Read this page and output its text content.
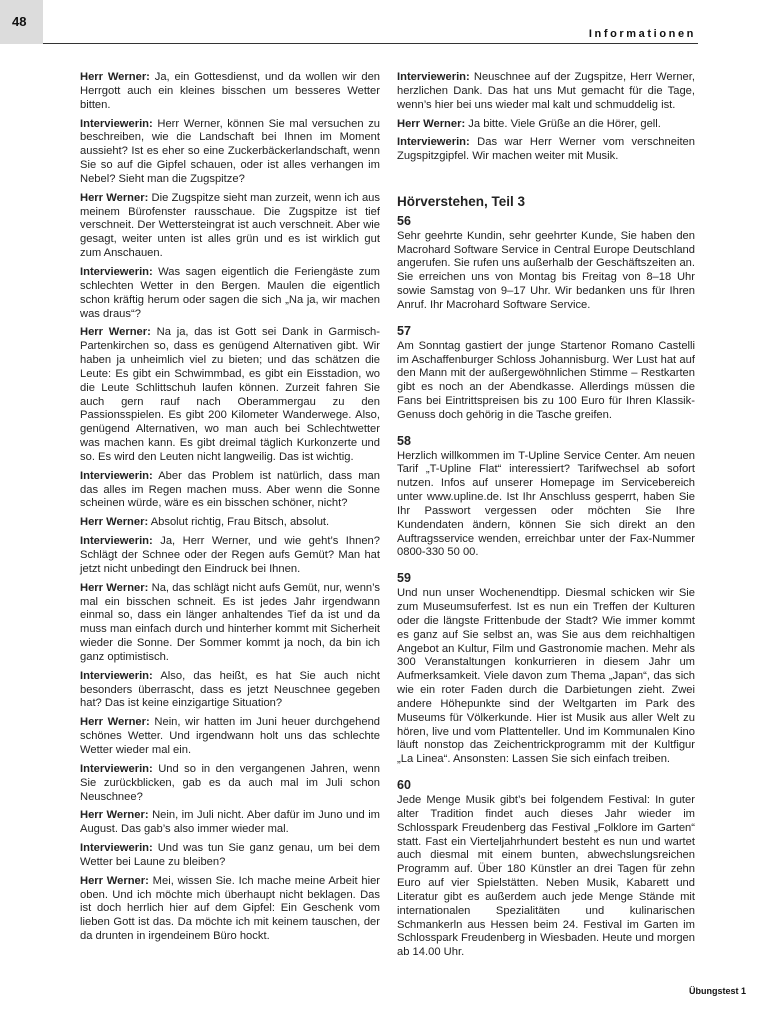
48
Informationen

Herr Werner: Ja, ein Gottesdienst, und da wollen wir den Herrgott auch ein kleines bisschen um besseres Wetter bitten.

Interviewerin: Herr Werner, können Sie mal versuchen zu beschreiben, wie die Landschaft bei Ihnen im Moment aussieht? Ist es eher so eine Zuckerbäckerlandschaft, wenn Sie so auf die Gipfel schauen, oder ist alles verhangen im Nebel? Sieht man die Zugspitze?

Herr Werner: Die Zugspitze sieht man zurzeit, wenn ich aus meinem Bürofenster rausschaue. Die Zugspitze ist tief verschneit. Der Wettersteingrat ist auch verschneit. Aber wie gesagt, weiter unten ist alles grün und es ist wirklich gut zum Anschauen.

Interviewerin: Was sagen eigentlich die Feriengäste zum schlechten Wetter in den Bergen. Maulen die eigentlich schon kräftig herum oder sagen die sich „Na ja, wir machen was draus“?

Herr Werner: Na ja, das ist Gott sei Dank in Garmisch-Partenkirchen so, dass es genügend Alternativen gibt. Wir haben ja unheimlich viel zu bieten; und das schätzen die Leute: Es gibt ein Schwimmbad, es gibt ein Eisstadion, wo die Leute Schlittschuh laufen können. Zurzeit fahren Sie auch gern rauf nach Oberammergau zu den Passionsspielen. Es gibt 200 Kilometer Wanderwege. Also, genügend Alternativen, wo man auch bei Schlechtwetter was machen kann. Es gibt dreimal täglich Kurkonzerte und so. Es wird den Leuten nicht langweilig. Das ist wichtig.

Interviewerin: Aber das Problem ist natürlich, dass man das alles im Regen machen muss. Aber wenn die Sonne scheinen würde, wäre es ein bisschen schöner, nicht?

Herr Werner: Absolut richtig, Frau Bitsch, absolut.

Interviewerin: Ja, Herr Werner, und wie geht’s Ihnen? Schlägt der Schnee oder der Regen aufs Gemüt? Man hat jetzt nicht unbedingt den Eindruck bei Ihnen.

Herr Werner: Na, das schlägt nicht aufs Gemüt, nur, wenn’s mal ein bisschen schneit. Es ist jedes Jahr irgendwann einmal so, dass ein länger anhaltendes Tief da ist und da muss man einfach durch und hinterher kommt mit Sicherheit wieder die Sonne. Der Sommer kommt ja noch, da bin ich ganz optimistisch.

Interviewerin: Also, das heißt, es hat Sie auch nicht besonders überrascht, dass es jetzt Neuschnee gegeben hat? Das ist keine einzigartige Situation?

Herr Werner: Nein, wir hatten im Juni heuer durchgehend schönes Wetter. Und irgendwann holt uns das schlechte Wetter wieder mal ein.

Interviewerin: Und so in den vergangenen Jahren, wenn Sie zurückblicken, gab es da auch mal im Juli schon Neuschnee?

Herr Werner: Nein, im Juli nicht. Aber dafür im Juno und im August. Das gab’s also immer wieder mal.

Interviewerin: Und was tun Sie ganz genau, um bei dem Wetter bei Laune zu bleiben?

Herr Werner: Mei, wissen Sie. Ich mache meine Arbeit hier oben. Und ich möchte mich überhaupt nicht beklagen. Das ist doch herrlich hier auf dem Gipfel: Ein Geschenk vom lieben Gott ist das. Da möchte ich mit keinem tauschen, der da drunten in irgendeinem Büro hockt.

Interviewerin: Neuschnee auf der Zugspitze, Herr Werner, herzlichen Dank. Das hat uns Mut gemacht für die Tage, wenn’s hier bei uns wieder mal kalt und schmuddelig ist.

Herr Werner: Ja bitte. Viele Grüße an die Hörer, gell.

Interviewerin: Das war Herr Werner vom verschneiten Zugspitzgipfel. Wir machen weiter mit Musik.

Hörverstehen, Teil 3
56

Sehr geehrte Kundin, sehr geehrter Kunde, Sie haben den Macrohard Software Service in Central Europe Deutschland angerufen. Sie rufen uns außerhalb der Geschäftszeiten an. Sie erreichen uns von Montag bis Freitag von 8–18 Uhr sowie Samstag von 9–17 Uhr. Wir bedanken uns für Ihren Anruf. Ihr Macrohard Software Service.

57

Am Sonntag gastiert der junge Startenor Romano Castelli im Aschaffenburger Schloss Johannisburg. Wer Lust hat auf den Mann mit der außergewöhnlichen Stimme – Restkarten gibt es noch an der Abendkasse. Allerdings müssen die Fans bei Eintrittspreisen bis zu 100 Euro für Ihren Klassik-Genuss doch gehörig in die Tasche greifen.

58

Herzlich willkommen im T-Upline Service Center. Am neuen Tarif „T-Upline Flat“ interessiert? Tarifwechsel ab sofort nutzen. Infos auf unserer Homepage im Servicebereich unter www.upline.de. Ist Ihr Anschluss gesperrt, haben Sie Ihr Passwort vergessen oder möchten Sie Ihre Kundendaten ändern, können Sie sich direkt an den Auftragsservice wenden, erreichbar unter der Fax-Nummer 0800-330 50 00.

59

Und nun unser Wochenendtipp. Diesmal schicken wir Sie zum Museumsuferfest. Ist es nun ein Treffen der Kulturen oder die längste Frittenbude der Stadt? Wie immer kommt es ganz auf Sie selbst an, was Sie aus dem reichhaltigen Angebot an Kultur, Film und Gastronomie machen. Mehr als 300 Veranstaltungen konkurrieren in diesem Jahr um Aufmerksamkeit. Viele davon zum Thema „Japan“, das sich wie ein roter Faden durch die Darbietungen zieht. Zwei andere Höhepunkte sind der Weltgarten im Park des Museums für Völkerkunde. Hier ist Musik aus aller Welt zu hören, live und vom Plattenteller. Und im Kommunalen Kino läuft nonstop das Zeichentrickprogramm mit der Kultfigur „La Linea“. Ansonsten: Lassen Sie sich einfach treiben.

60

Jede Menge Musik gibt’s bei folgendem Festival: In guter alter Tradition findet auch dieses Jahr wieder im Schlosspark Freudenberg das Festival „Folklore im Garten“ statt. Fast ein Vierteljahrhundert besteht es nun und wartet auch diesmal mit einem bunten, abwechslungsreichen Programm auf. Über 180 Künstler an drei Tagen für zehn Euro auf vier Spielstätten. Neben Musik, Kabarett und Literatur gibt es außerdem auch jede Menge Stände mit internationalen Spezialitäten und kulinarischen Schmankerln aus Hessen beim 24. Festival im Garten im Schlosspark Freudenberg in Wiesbaden. Heute und morgen ab 14.00 Uhr.

Übungstest 1
